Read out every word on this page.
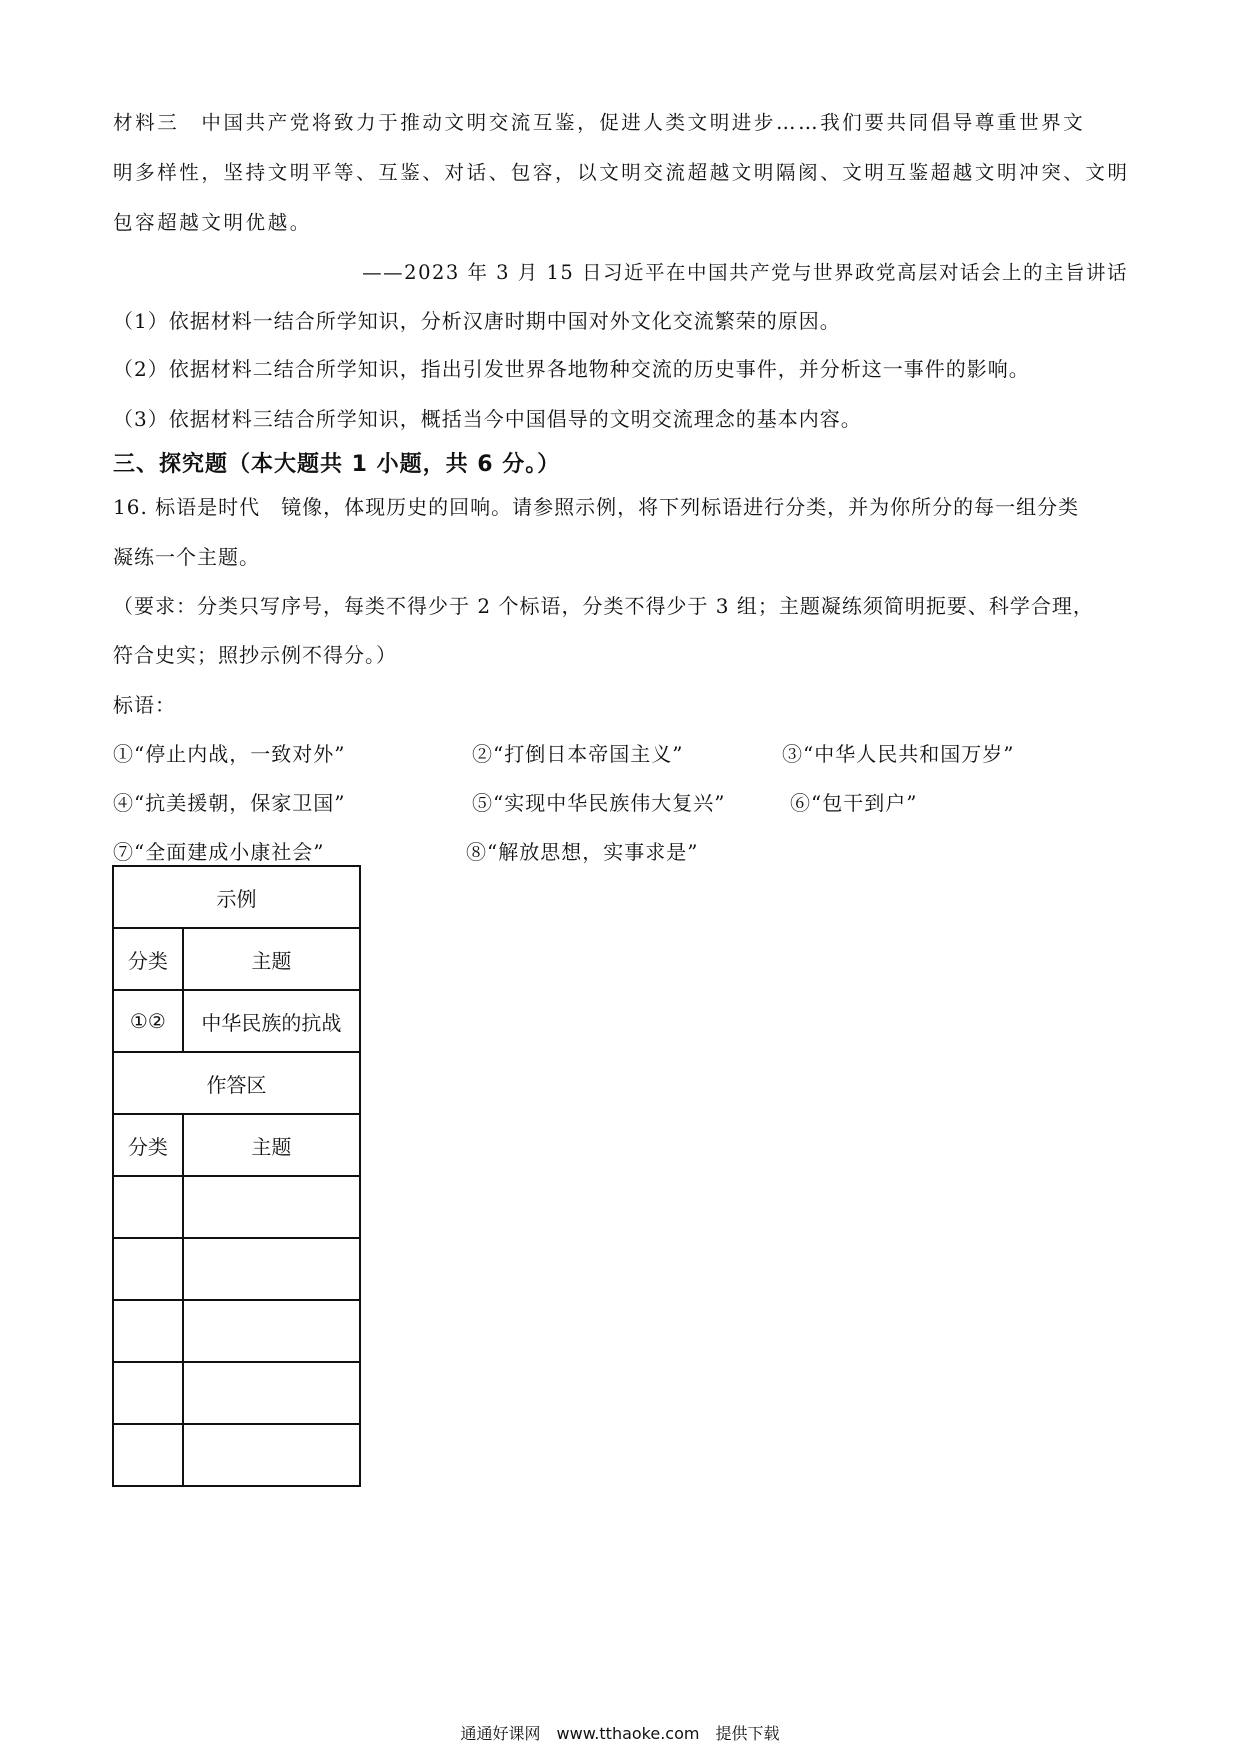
材料三　中国共产党将致力于推动文明交流互鉴，促进人类文明进步……我们要共同倡导尊重世界文
明多样性，坚持文明平等、互鉴、对话、包容，以文明交流超越文明隔阂、文明互鉴超越文明冲突、文明
包容超越文明优越。
——2023 年 3 月 15 日习近平在中国共产党与世界政党高层对话会上的主旨讲话
（1）依据材料一结合所学知识，分析汉唐时期中国对外文化交流繁荣的原因。
（2）依据材料二结合所学知识，指出引发世界各地物种交流的历史事件，并分析这一事件的影响。
（3）依据材料三结合所学知识，概括当今中国倡导的文明交流理念的基本内容。
三、探究题（本大题共 1 小题，共 6 分。）
16. 标语是时代　镜像，体现历史的回响。请参照示例，将下列标语进行分类，并为你所分的每一组分类
凝练一个主题。
（要求：分类只写序号，每类不得少于 2 个标语，分类不得少于 3 组；主题凝练须简明扼要、科学合理，
符合史实；照抄示例不得分。）
标语：
①“停止内战，一致对外”	②“打倒日本帝国主义”	③“中华人民共和国万岁”
④“抗美援朝，保家卫国”	⑤“实现中华民族伟大复兴”	⑥“包干到户”
⑦“全面建成小康社会”	⑧“解放思想，实事求是”
示例	
分类	主题
①②	中华民族的抗战
作答区	
分类	主题

通通好课网　www.tthaoke.com　提供下载
